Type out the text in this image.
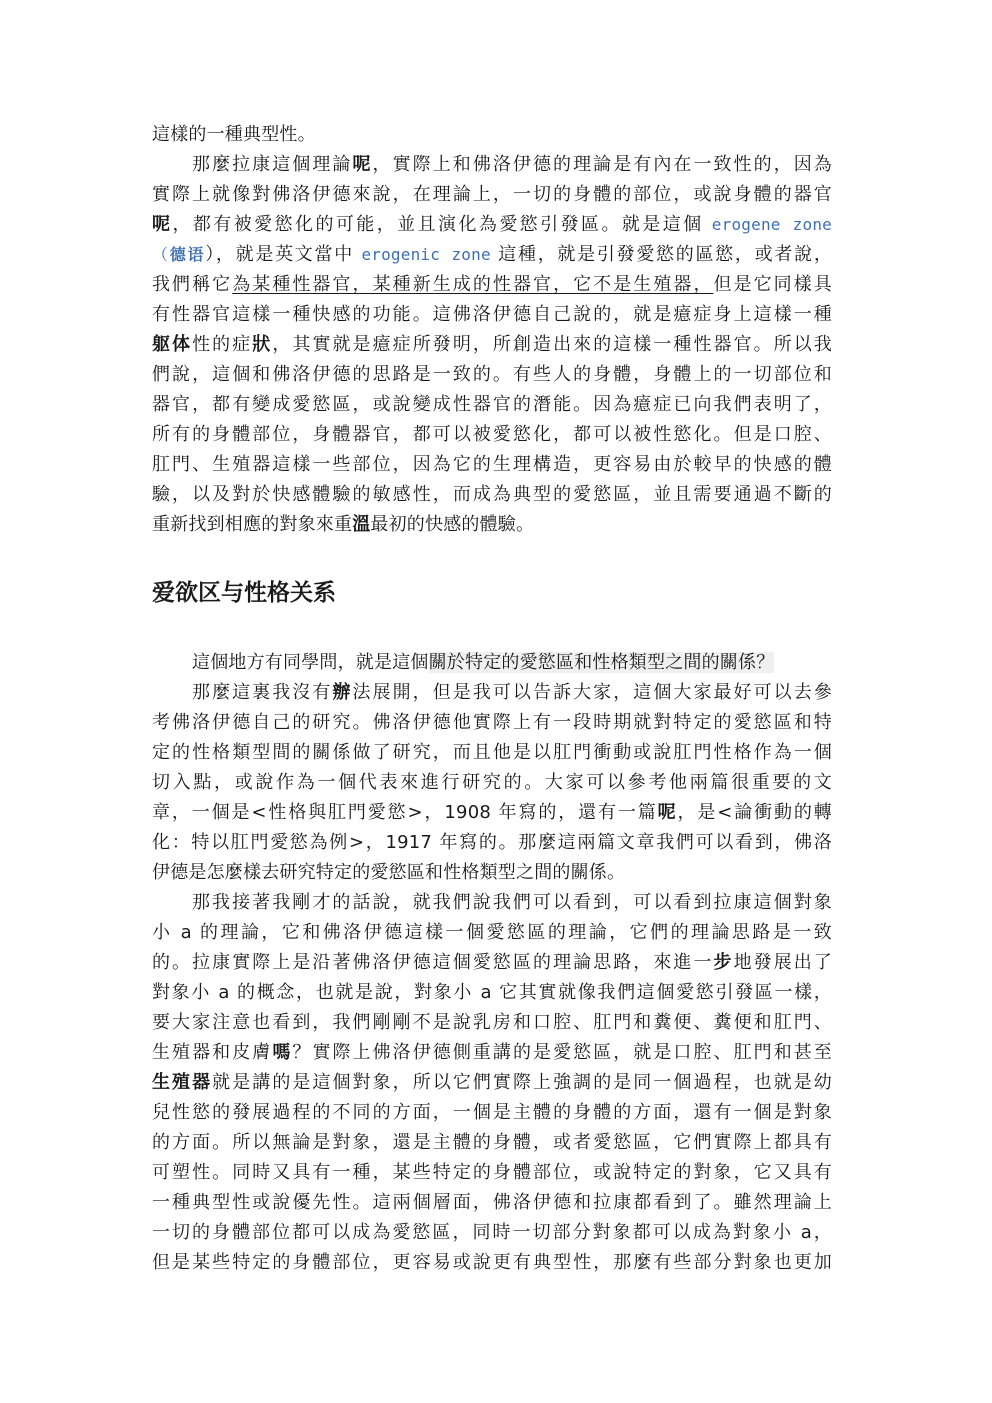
這樣的一種典型性。
那麼拉康這個理論呢，實際上和佛洛伊德的理論是有內在一致性的，因為
實際上就像對佛洛伊德來說，在理論上，一切的身體的部位，或說身體的器官
呢，都有被愛慾化的可能，並且演化為愛慾引發區。就是這個 erogene zone
（德语），就是英文當中 erogenic zone 這種，就是引發愛慾的區慾，或者說，
我們稱它為某種性器官，某種新生成的性器官，它不是生殖器，但是它同樣具
有性器官這樣一種快感的功能。這佛洛伊德自己說的，就是癔症身上這樣一種
躯体性的症狀，其實就是癔症所發明，所創造出來的這樣一種性器官。所以我
們說，這個和佛洛伊德的思路是一致的。有些人的身體，身體上的一切部位和
器官，都有變成愛慾區，或說變成性器官的潛能。因為癔症已向我們表明了，
所有的身體部位，身體器官，都可以被愛慾化，都可以被性慾化。但是口腔、
肛門、生殖器這樣一些部位，因為它的生理構造，更容易由於較早的快感的體
驗，以及對於快感體驗的敏感性，而成為典型的愛慾區，並且需要通過不斷的
重新找到相應的對象來重溫最初的快感的體驗。
爱欲区与性格关系
這個地方有同學問，就是這個關於特定的愛慾區和性格類型之間的關係？
那麼這裏我沒有辦法展開，但是我可以告訴大家，這個大家最好可以去參
考佛洛伊德自己的研究。佛洛伊德他實際上有一段時期就對特定的愛慾區和特
定的性格類型間的關係做了研究，而且他是以肛門衝動或說肛門性格作為一個
切入點，或說作為一個代表來進行研究的。大家可以參考他兩篇很重要的文
章，一個是<性格與肛門愛慾>，1908 年寫的，還有一篇呢，是<論衝動的轉
化：特以肛門愛慾為例>，1917 年寫的。那麼這兩篇文章我們可以看到，佛洛
伊德是怎麼樣去研究特定的愛慾區和性格類型之間的關係。
那我接著我剛才的話說，就我們說我們可以看到，可以看到拉康這個對象
小 a 的理論，它和佛洛伊德這樣一個愛慾區的理論，它們的理論思路是一致
的。拉康實際上是沿著佛洛伊德這個愛慾區的理論思路，來進一步地發展出了
對象小 a 的概念，也就是說，對象小 a 它其實就像我們這個愛慾引發區一樣，
要大家注意也看到，我們剛剛不是說乳房和口腔、肛門和糞便、糞便和肛門、
生殖器和皮膚嗎？實際上佛洛伊德側重講的是愛慾區，就是口腔、肛門和甚至
生殖器就是講的是這個對象，所以它們實際上強調的是同一個過程，也就是幼
兒性慾的發展過程的不同的方面，一個是主體的身體的方面，還有一個是對象
的方面。所以無論是對象，還是主體的身體，或者愛慾區，它們實際上都具有
可塑性。同時又具有一種，某些特定的身體部位，或說特定的對象，它又具有
一種典型性或說優先性。這兩個層面，佛洛伊德和拉康都看到了。雖然理論上
一切的身體部位都可以成為愛慾區，同時一切部分對象都可以成為對象小 a，
但是某些特定的身體部位，更容易或說更有典型性，那麼有些部分對象也更加
